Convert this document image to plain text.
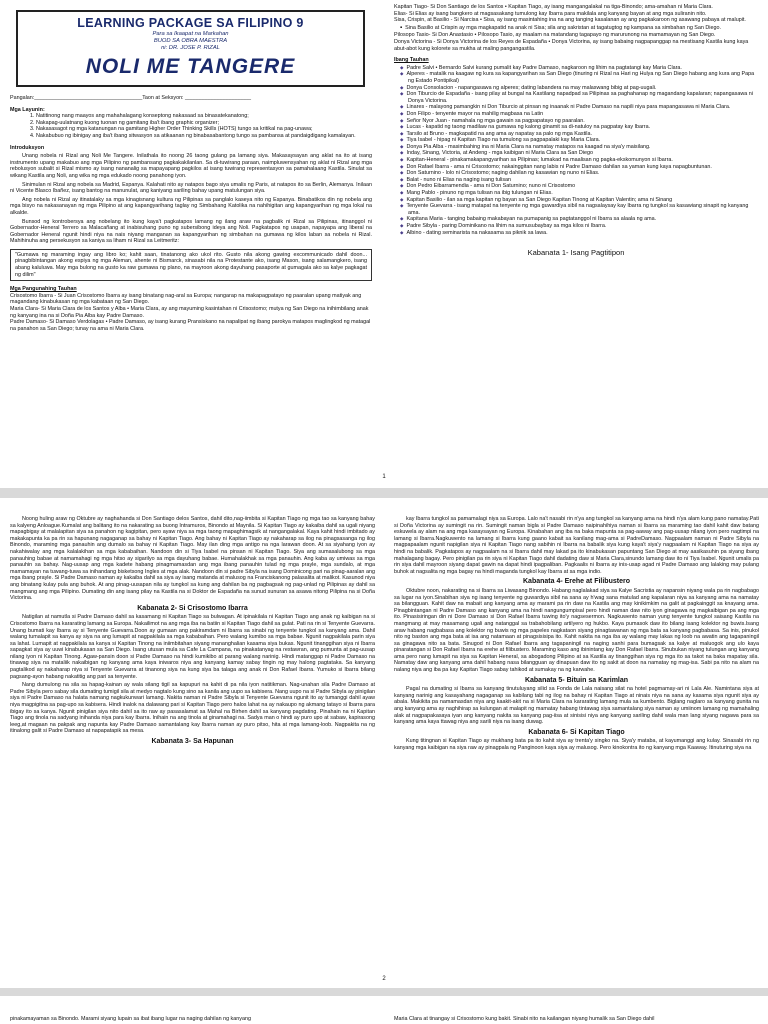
LEARNING PACKAGE SA FILIPINO 9
Para sa Ikaapat na Markahan
BUOD SA OBRA MAESTRA
ni: DR. JOSE P. RIZAL
NOLI ME TANGERE
Pangalan:____________________________________Taon at Seksyon: ______________________
Mga Layunin:
1. Natitinong nang maayos ang mahahalagang konseptong nakasaad sa binasatekanatong;
2. Nakapag-uulatnang kuong tuonan ng gamitang iba't ibang graphic organizer;
3. Nakasasagot ng mga katanungan na gamitang Higher Order Thinking Skills (HOTS) tungo sa kritikal na pag-unawa;
4. Nakabubuo ng ibinigay ang iba't ibang sitwasyon sa atikaanan ng binabasabantong tungo sa pambansa at pandaigdigang kamalayan.
Introduksyon

Unang nobela ni Rizal ang Noli Me Tangere. Inilathala ito noong 26 taong gulang pa lamang siya. Makasaysayan ang aklat na ito at isang instrumento upang makabuo ang mga Pilipino ng pambansang pagkakakilanlan. Sa di-tuwirang paraan, naimpluwensyahan ng aklat ni Rizal ang mga rebolusyon subalit si Rizal mismo ay isang nananalig sa mapayapang pagkilos at isang tuwirang representasyon sa pamahalaang Kastila. Sinulat sa wikang Kastila ang Noli, ang wika ng mga edukado noong panahong iyon.

Sinimulan ni Rizal ang nobela sa Madrid, Espanya. Kalahati nito ay natapos bago siya umalis ng Paris, at natapos ito sa Berlin, Alemanya. Inilaan ni Vicente Blasco Ibañez, isang bantog na manunulat, ang kaniyang sariling bahay upang matulungan siya.

Ang nobela ni Rizal ay itinatalaky sa mga kinagisnang kultura ng Pilipinas sa panglalo kaseya nito ng Espanya. Binabatikos din ng nobela ang mga bisyo na nakasanayan ng mga Pilipino at ang kapangyarihang taglay ng Simbahang Katolika na nahihigitan ang kapangyarihan ng mga lokal na alkalde.

Bunsod ng kontrobersya ang nobelang ito kung kaya't pagkatapos lamang ng ilang araw na pagbalik ni Rizal sa Pilipinas, itinanggol ni Gobernador-Heneral Terrero sa Malacañang at inabisuhang puno ng subersibong ideya ang Noli. Pagkatapos ng usapan, napayapa ang liberal na Gobernador Heneral ngunit hindi niya na nais niyang manganan sa kapangyarihan ng simbahan na gumawa ng kilos laban sa nobela ni Rizal. Mahihinuha ang persekusyon sa kaniya sa liham ni Rizal sa Leitmeritz:

"Gumawa ng maraming ingay ang libro ko; kahit saan, tinatanong ako ukol rito. Gusto nila akong gawing excommunicado dahil doon... pinagbibintangan akong espiya ng mga Aleman, ahente ni Bismarck, sinasabi nila na Protestante ako, isang Mason, isang salamangkero, isang abang kaluluwa. May mga bulong na gusto ka raw gumawa ng plano, na mayroon akong dayuhang pasaporte at gumagala ako sa kalye pagkagat ng dilim"
Mga Pangunahing Tauhan
Crisostomo Ibarra - Si Juan Crisostomo Ibarra ay isang binatang nag-aral sa Europa; nangarap na makapagpatayo ng paaralan upang matiyak ang magandang kinabukasan ng mga kabataan ng San Diego.
Maria Clara- Si Maria Clara de los Santos y Alba • Maria Clara, ay ang mayuming kasintahan ni Crisostomo; mutya ng San Diego na inihimbilang anak ng kanyang ina na si Doña Pia Alba kay Padre Damaso.
Padre Damaso- Si Damaso Verdolagas • Padre Damaso, ay isang kurang Pransiskano na napalipat ng ibang parokya matapos maglingkod ng matagal na panahon sa San Diego; tunay na ama ni Maria Clara.
Kapitan Tiago- Si Don Santiago de los Santos • Kapitan Tiago, ay isang mangangalakal na tiga-Binondo; ama-amahan ni Maria Clara.
Elias- Si Elias ay isang bangkero at magsasakang tumulong kay Ibarra para makilala ang kanyang bayan at ang mga suliranin nito.
Sisa, Crispin, at Basilio - Si Narcisa • Sisa, ay isang masintahing ina na ang tanging kasalanan ay ang pagkakaroon ng asawang pabaya at malupit.
▪ Sina Basilio at Crispin ay mga magkapatid na anak ni Sisa; sila ang sakristan at tagatugtog ng kampana sa simbahan ng San Diego.
Pilosopo Tasio- Si Don Anastasio • Pilosopo Tasio, ay maalam na matandang tagapayo ng marurunong na mamamayan ng San Diego.
Donya Victorina - Si Donya Victorina de los Reyes de Espadaña • Donya Victorina, ay isang babaing nagpapanggap na mestisang Kastila kung kaya abut-abot kung kolorete sa mukha at maling pangangastila.
Ibang Tauhan
◆ Padre Salvi • Bernardo Salvi kurang pumalit kay Padre Damaso, nagkaroon ng lihim na pagtatangi kay Maria Clara.
◆ Alperes - matalik na kaagaw ng kura sa kapangyarihan sa San Diego (tinuring ni Rizal na Hari ng Hulya ng San Diego habang ang kura ang Papa ng Estado Pontipikal)
◆ Donya Consolacion - napangasawa ng alperes; dating labandera na may malaswang bibig at pag-uugali.
◆ Don Tiburcio de Espadaña - isang pilay at bungal na Kastilang napadpad sa Pilipinas sa paghahanap ng magandang kapalaran; napangasawa ni Donya Victorina.
◆ Linares - malayong pamangkin ni Don Tiburcio at pinsan ng inaanak ni Padre Damaso na napili niya para mapangasawa ni Maria Clara.
◆ Don Filipo - tenyente mayor na mahilig magbasa na Latin
◆ Señor Nyor Juan - namahala ng mga gawain sa pagpapatayo ng paaralan.
◆ Lucas - kapatid ng taong madilaw na gumawa ng kalong ginamit sa di-natuloy na pagpatay kay Ibarra.
◆ Tarsilo at Bruno - magkapatid na ang ama ay napatay sa palo ng mga Kastila.
◆ Tiya Isabel - hipag ni Kapitan Tiago na tumulong sa pagpapalaki kay Maria Clara.
◆ Donya Pia Alba - masimbahing ina ni Maria Clara na namatay matapos na kaagad na siya'y maisilang.
◆ Inday, Sinang, Victoria, at Andeng - mga kaibigan ni Maria Clara sa San Diego
◆ Kapitan-Heneral - pinakamakapangyarihan sa Pilipinas; lumakad na maalisan ng pagka-ekskomunyon si Ibarra.
◆ Don Rafael Ibarra - ama ni Crisostomo; nakainggitan nang labis ni Padre Damaso dahilan sa yaman kung kaya napagbuntunan.
◆ Don Saturnino - lolo ni Crisostomo; naging dahilan ng kasawian ng nuno ni Elias.
◆ Balat - nuno ni Elias na naging isang tulisan
◆ Don Pedro Eibarramendia - ama ni Don Saturnino; nuno ni Crisostomo
◆ Mang Pablo - pinuno ng mga tulisan na ibig tulungan ni Elias.
◆ Kapitan Basilio - ilan sa mga kapitan ng bayan sa San Diego Kapitan Tinong at Kapitan Valentin; ama ni Sinang
◆ Tenyente Guevarra - isang matapat na tenyente ng mga guwardiya sibil na nagsalaysay kay Ibarra ng tungkol sa kasawiang sinapit ng kanyang ama.
◆ Kapitana Maria - tanging babaing makabayan na pumapanig sa pagtatanggol ni Ibarra sa alaala ng ama.
◆ Padre Sibyla - paring Dominikano na lihim na sumusubaybay sa mga kilos ni Ibarra.
◆ Albino - dating seminarista na nakasama sa piknik sa lawa.
Kabanata 1- Isang Pagtitipon
1

Noong huling araw ng Oktubre ay naghahanda si Don Santiago delos Santos, dahil dito,nag-iimbita si Kapitan Tiago ng mga tao sa kanyang bahay sa kalyeng Anloague.Kumalat ang balitang ito na nakarating sa buong Intramuros, Binondo at Maynila. Si Kapitan Tiago ay kakaiba dahil sa ugali niyang mapagbigay at malalapitan siya sa panahon ng kagipitan, pero ayaw niya sa mga taong mapaghimagsik at nangangalakal. Kaya kahit hindi imbitado ay makakapunta ka pa rin sa hapunang nagaganap sa bahay ni Kapitan Tiago. Ang bahay ni Kapitan Tiago ay nakaharap sa ilog na pinagsasanga ng ilog Binondo, maraming mga panauhin ang dumalo sa bahay ni Kapitan Tiago. May ilan ding mga antigo na nga larawan doon. At sa siyahang iyon ay nakahiwalay ang mga kalalakihan sa mga kababaihan. Nandoon din si Tiya Isabel na pinsan ni Kapitan Tiago. Siya ang sumasalubong sa mga panauhing babae at namamahagi ng mga hitso ay sigarilyo sa mga dayuhang babae. Humahalakhak sa mga panauhin. Ang kaba ay umiwas sa mga panauhin sa bahay. Nag-uusap ang mga kadete habang pinagmamasdan ang mga ibang panauhin tulad ng mga prayle, mga sundalo, at mga mamamayan na tuwang-tuwa sa inihandang bisketsong Ingles at mga alak. Nandoon din si padre Sibyla na isang Dominicong pari na pinag-aaralan ang mga ibang prayle. Si Padre Damaso naman ay kakaiba dahil sa siya ay isang matanda at malusog na Franciskanong palasalita at malikot. Kasunod niya ang binatang kulay pula ang buhok. At ang pinag-uusapan nila ay tungkol sa kung ang dahilan ba ng pagbagsak ng pag-unlad ng Pilipinas ay dahil sa mangmang ang mga Pilipino. Dumating din ang isang pilay na Kastila na si Doktor de Espadaña na sunud sunuran sa asawa nitong Pilipina na si Doña Victorina.

Kabanata 2- Si Crisostomo Ibarra

Natigilan at namutla si Padre Damaso dahil sa kasamang ni Kapitan Tiago sa bulwagan. At ipinakilala ni Kapitan Tiago ang anak ng kaibigan na si Crisostomo Ibarra na kararating lamang sa Europa. Nakailimot na ang mga iba na batiin si Kapitan Tiago dahil sa gulat. Pati na rin si Tenyente Guevarra. Unang bumati kay Ibarra ay si Tenyente Guevarra.Doon ay gumaan ang pakiramdam ni Ibarra sa sinabi ng tenyente tungkol sa kanyang ama. Dahil walang tumalapit sa kanya ay siya na ang lumapit at nagpakilala sa mga kababaihan. Pero walang kumibo sa mga babae. Ngunit nagpakilala parin siya sa lahat. Lumapit at nagpakilala sa kanya si Kapitan Tinong na iniimbitahan siyang mananghalian kasama siya bukas. Ngunit tinanggihan siya ni Ibarra sapagkat siya ay uuwi kinabukasan sa San Diego. Isang utusan mula sa Cafe La Campana, na pinakatanyag na restawran, ang pumunta at pag-uusap nilang iyon ni Kapitan Tinong. Agaw-pansin doon si Padre Damaso na hindi kumikibo at parang walang narinig. Hindi matanggap ni Padre Damaso na tinawag siya na mataliik nakaibigan ng kanyang ama kaya iniwaros niya ang kanyang kamay sabay tingin ng may halong pagtataka. Sa kanyang pagtalikod ay nakaharap niya si Tenyente Guevarra at tinanong siya na kung siya ba talaga ang anak ni Don Rafael Ibarra. Yumuko si Ibarra bilang pagsang-ayon habang nakatitig ang pari sa tenyente.

Nang dumulong na sila sa hapag-kainan ay wala silang tigil sa kapupuri na kahit di pa nila iyon natitikman. Nag-unahan sila Padre Damaso at Padre Sibyla pero sabay sila dumating tumigil sila at medyo nagtalo kung sino sa kanila ang uupo sa kabisera. Nang uupo na si Padre Sibyla ay pinigilan siya ni Padre Damaso na halata namang nagkukunwari lamang. Nakita naman ni Padre Sibyla si Tenyente Guevarra ngunit ito ay tumanggi dahil ayaw niya magpigitna sa pag-upo sa kabisera. Hindi inalok na dalawang pari si Kapitan Tiago pero halos lahat na ay nakaupo ng akmang tatayo si Ibarra para ibigay ito sa kanya. Ngunit pinigilan siya nito dahil sa ito raw ay pasasalamat sa Mahal na Birhen dahil sa kanyang pagdating. Pinahain na ni Kapitan Tiago ang tinola na sadyang inihanda niya para kay Ibarra. Inihain na ang tinola at ginamahagi na. Sadya man o hindi ay puro upo at sabaw, kapirasong leeg,at magaan na pakpak ang napunta kay Padre Damaso samantalang kay Ibarra naman ay puro pitso, hita at mga lamang-loob. Nagpakita na ng itinalong galit si Padre Damaso at napapatapik sa mesa.

Kabanata 3- Sa Hapunan

kay Ibarra tungkol sa pamamalagi niya sa Europa. Lalo na't nasabi rin n'ya ang tungkol sa kanyang ama na hindi n'ya alam kung pano namatay.Pati si Doña Victorina ay sumingit na rin. Sumingit naman bigla si Padre Damaso naipinahihiya naman si Ibarra sa maraming tao dahil kahit daw batang eskuwela ay alam na ang mga kasaysayan ng Europa. Kinabahan ang iba na baka mapunta sa pag-aaway ang pag-uusap nilang iyon pero nagtimpi na lamang si Ibarra.Nagkuwento na lamang si Ibarra kung gaano kabait sa kanilang mag-ama si PadreDamaso. Nagpaalam naman ni Padre Sibyla na magpapaalam ngunit napigilan siya ni Kapitan Tiago nang sabihin ni Ibarra na babalik siya kung kaya't siya'y nagpaalam ni Kapitan Tiago na siya ay hindi na babalik. Pagkatapos ay nagpaalam na si Ibarra dahil may lakad pa ito kinabukasan papuntang San Diego at may aasikasuhin pa siyang ibang mahalagang bagay. Pero pinigilan pa rin siya ni Kapitan Tiago dahil dadating daw si Maria Clara,sinundo lamang daw ito ni Tiya Isabel. Ngunit umalis pa rin siya dahil mayroon siyang dapat gawin na dapat hindi ipagpaliban. Pagkaalis ni Ibarra ay inis-usap agad ni Padre Damaso ang lalaking may pulang buhok at nagsalita ng mga bagay na hindi maganda tungkol kay Ibarra at sa mga indio.

Kabanata 4- Erehe at Filibustero

Oktubre noon, nakarating na si Ibarra sa Liwasang Binondo. Habang naglalakad siya sa Kalye Sacristia ay napansin niyang wala pa rin nagbabago sa lugar na iyon.Sinabihan siya ng isang tenyente ng guwardiya sibil na sana ay h'wag sana matulad ang kapalaran niya sa kanyang ama na namatay sa bilangguan. Kahit daw na mabait ang kanyang ama ay marami pa rin daw na Kastila ang may kinikimkim na galit at pagkainggit sa knayang ama. Pinagbintangan ni Padre Damaso ang kanyang ama na hindi nangungumpisal pero hindi naman daw nito iyon ginagawa ng magkaibigan pa ang mga ito. Pinasisiringan din ni Dore Damaso si Don Rafael Ibarra tuwing ito'y nagsesermon. Nagkuwento naman yung tenyente tungkol saisang Kastila na mangmang at may masamang ugali ang natanggal sa trabahobilang artilyero ng hukbo. Kaya pumasok daw ito bilang isang kolektor ng buwis.Isang araw habang nagbabasa ang kolektor ng buwis ng mga papeles nagkataon siyang pinagtawanan ng mga bata sa kanyang pagbabasa. Sa inis, pinukol nito ng baston ang mga bata at isa ang natamaan at pinagsisisipa ito. Kahit nakita na nga iba ay walang may lakas ng loob na awatin ang tagapaningil sa ginagawa nito sa bata. Sinugod ni Don Rafael Ibarra ang tagapaningil na naging sanhi para bumagsak sa kalye at maluogok ang ulo kaya pinaratangan si Don Rafael Ibarra na erehe at filibustero. Maraming kaso ang ibinintang kay Don Rafael Ibarra. Sinubukan niyang tulungan ang kanyang ama pero nang lumapit na siya sa Kapitan Heneral, sa abogadong Pilipino at sa Kastila ay tinanggihan siya ng mga ito sa takot na baka mapatay sila. Namatay daw ang kanyang ama dahil habang nasa bilangguan ay dinapuan daw ito ng sakit at doon na namatay ng mag-isa. Sabi pa nito na alam na nalang niya ang iba pa kay Kapitan Tiago sabay tahikod at sumakay na ng karwahe.

Kabanata 5- Bituin sa Karimlan

Pagal na dumating si Ibarra sa kanyang tinutuluyang silid sa Fonda de Lala naisang silat na hotel pagmamay-ari ni Lala Ale. Namintana siya at kanyang narinig ang kasayahang nagaganap sa kabilang tabi ng ilog na bahay ni Kapitan Tiago at ninais niya na sana ay kasama siya ngunit siya ay abala. Makikita pa namamasdan niya ang kaakit-akit na si Maria Clara na kararating lamang mula sa kumbento. Biglang naglaro sa kanyang gunita na ang kanyang ama ay naghihirap sa kulungan at malapit ng mamatay habang tintawag siya samantalang siya naman ay umiinom lamang ng mamahaling alak at nagpapakasaya iyan ang kanyang nakita sa kanyang pag-iisa at sinisisi niya ang kanyang sariling dahil wala man lang siyang nagawa para sa kanyang ama kaya ttawag niya ang sarili niya na isang duwag.

Kabanata 6- Si Kapitan Tiago

Kung titingnan si Kapitan Tiago ay mukhang bata pa ito kahit siya ay trenta'y singko na. Siya'y mataba, at kayumanggi ang kulay. Sinasabi rin ng kanyang mga kaibigan na siya raw ay pinagpala ng Panginoon kaya siya ay malusog. Pero kinokontra ito ng kanyang mga Kaaway. Itinuturing siya na

2
pinakamayaman sa Binondo. Marami siyang lupain sa ibat ibang lugar na naging dahilan ng kanyang	Maria Clara at tinangay si Crisostomo kung bakit. Sinabi nito na kailangan niyang humalik sa San Diego dahil
